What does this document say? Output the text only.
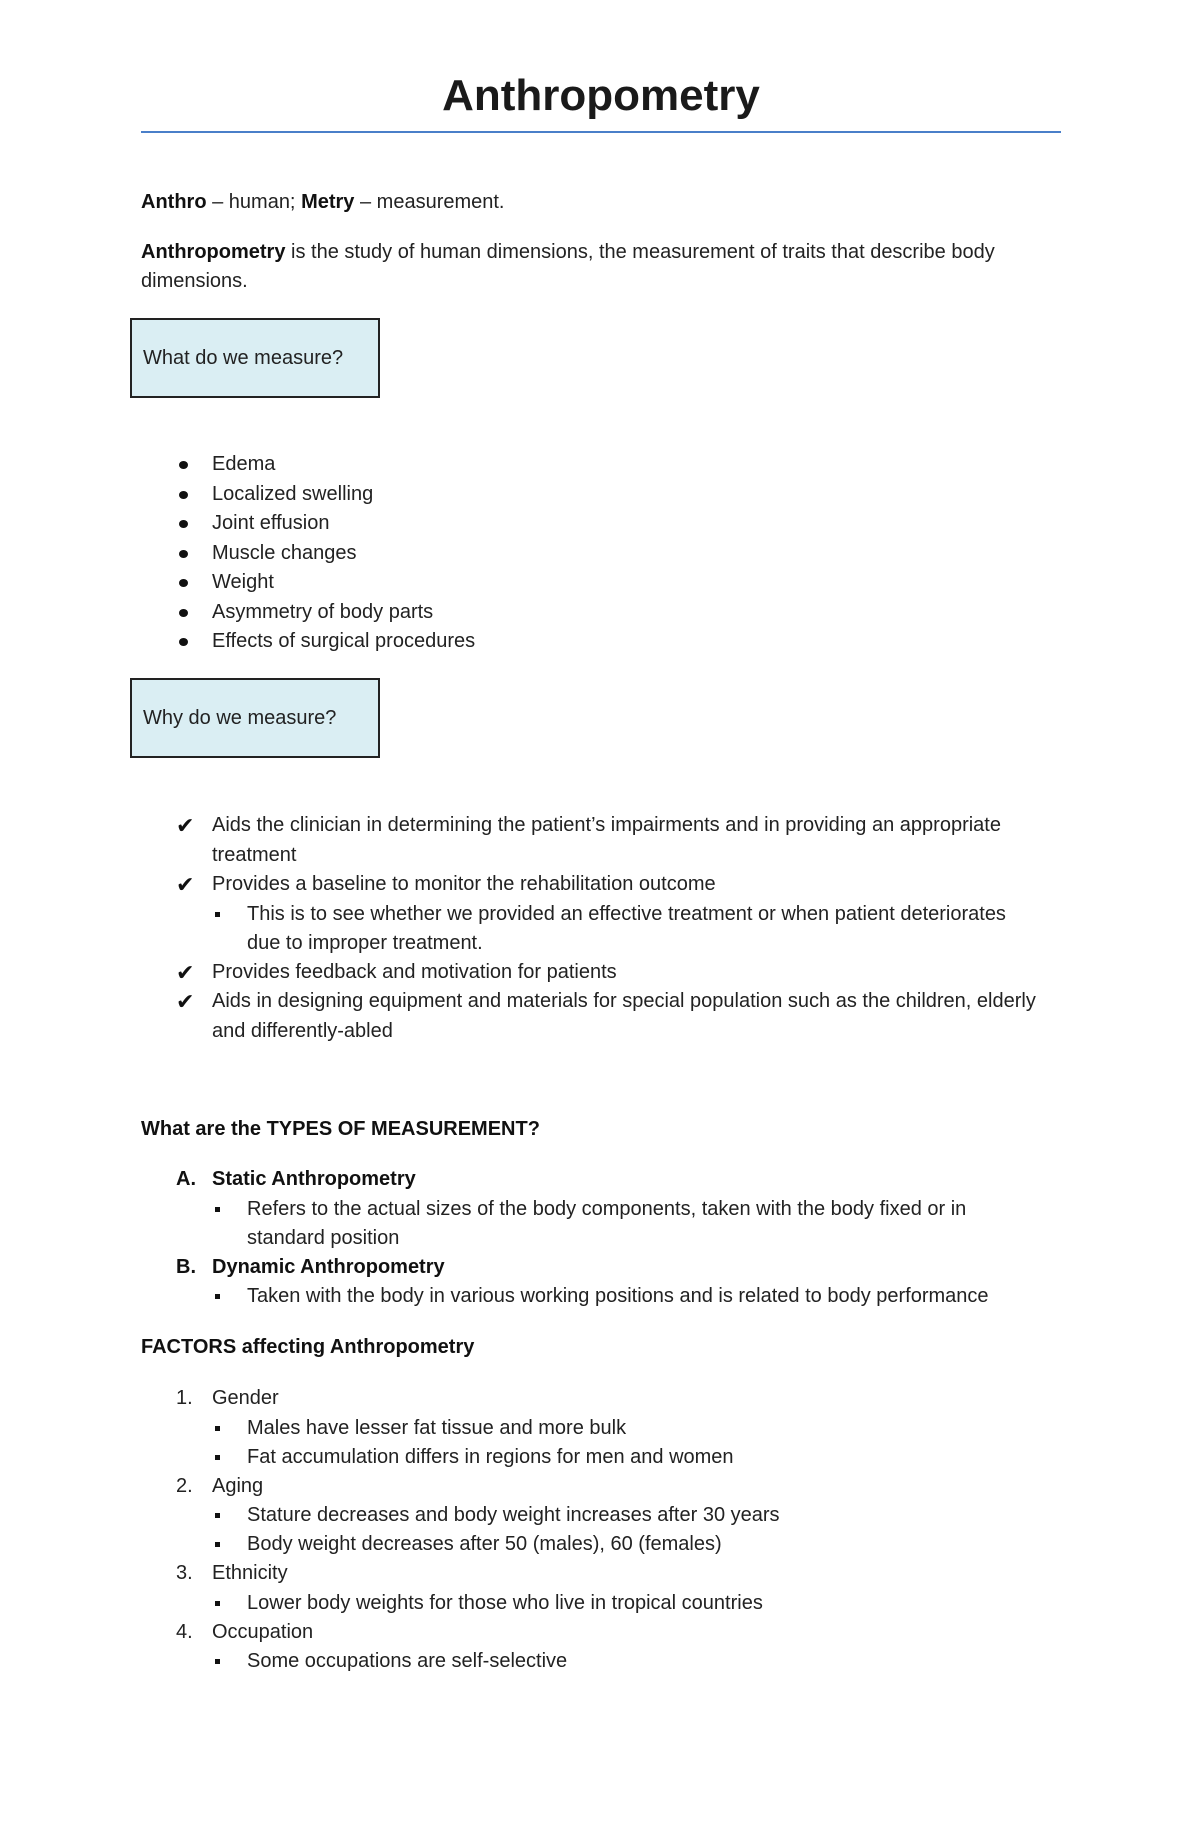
Anthropometry

Anthro – human; Metry – measurement.

Anthropometry is the study of human dimensions, the measurement of traits that describe body dimensions.

What do we measure?
Edema
Localized swelling
Joint effusion
Muscle changes
Weight
Asymmetry of body parts
Effects of surgical procedures
Why do we measure?
✔ Aids the clinician in determining the patient’s impairments and in providing an appropriate treatment
✔ Provides a baseline to monitor the rehabilitation outcome
This is to see whether we provided an effective treatment or when patient deteriorates due to improper treatment.
✔ Provides feedback and motivation for patients
✔ Aids in designing equipment and materials for special population such as the children, elderly and differently-abled

What are the TYPES OF MEASUREMENT?

A. Static Anthropometry
Refers to the actual sizes of the body components, taken with the body fixed or in standard position
B. Dynamic Anthropometry
Taken with the body in various working positions and is related to body performance

FACTORS affecting Anthropometry

1. Gender
Males have lesser fat tissue and more bulk
Fat accumulation differs in regions for men and women
2. Aging
Stature decreases and body weight increases after 30 years
Body weight decreases after 50 (males), 60 (females)
3. Ethnicity
Lower body weights for those who live in tropical countries
4. Occupation
Some occupations are self-selective
